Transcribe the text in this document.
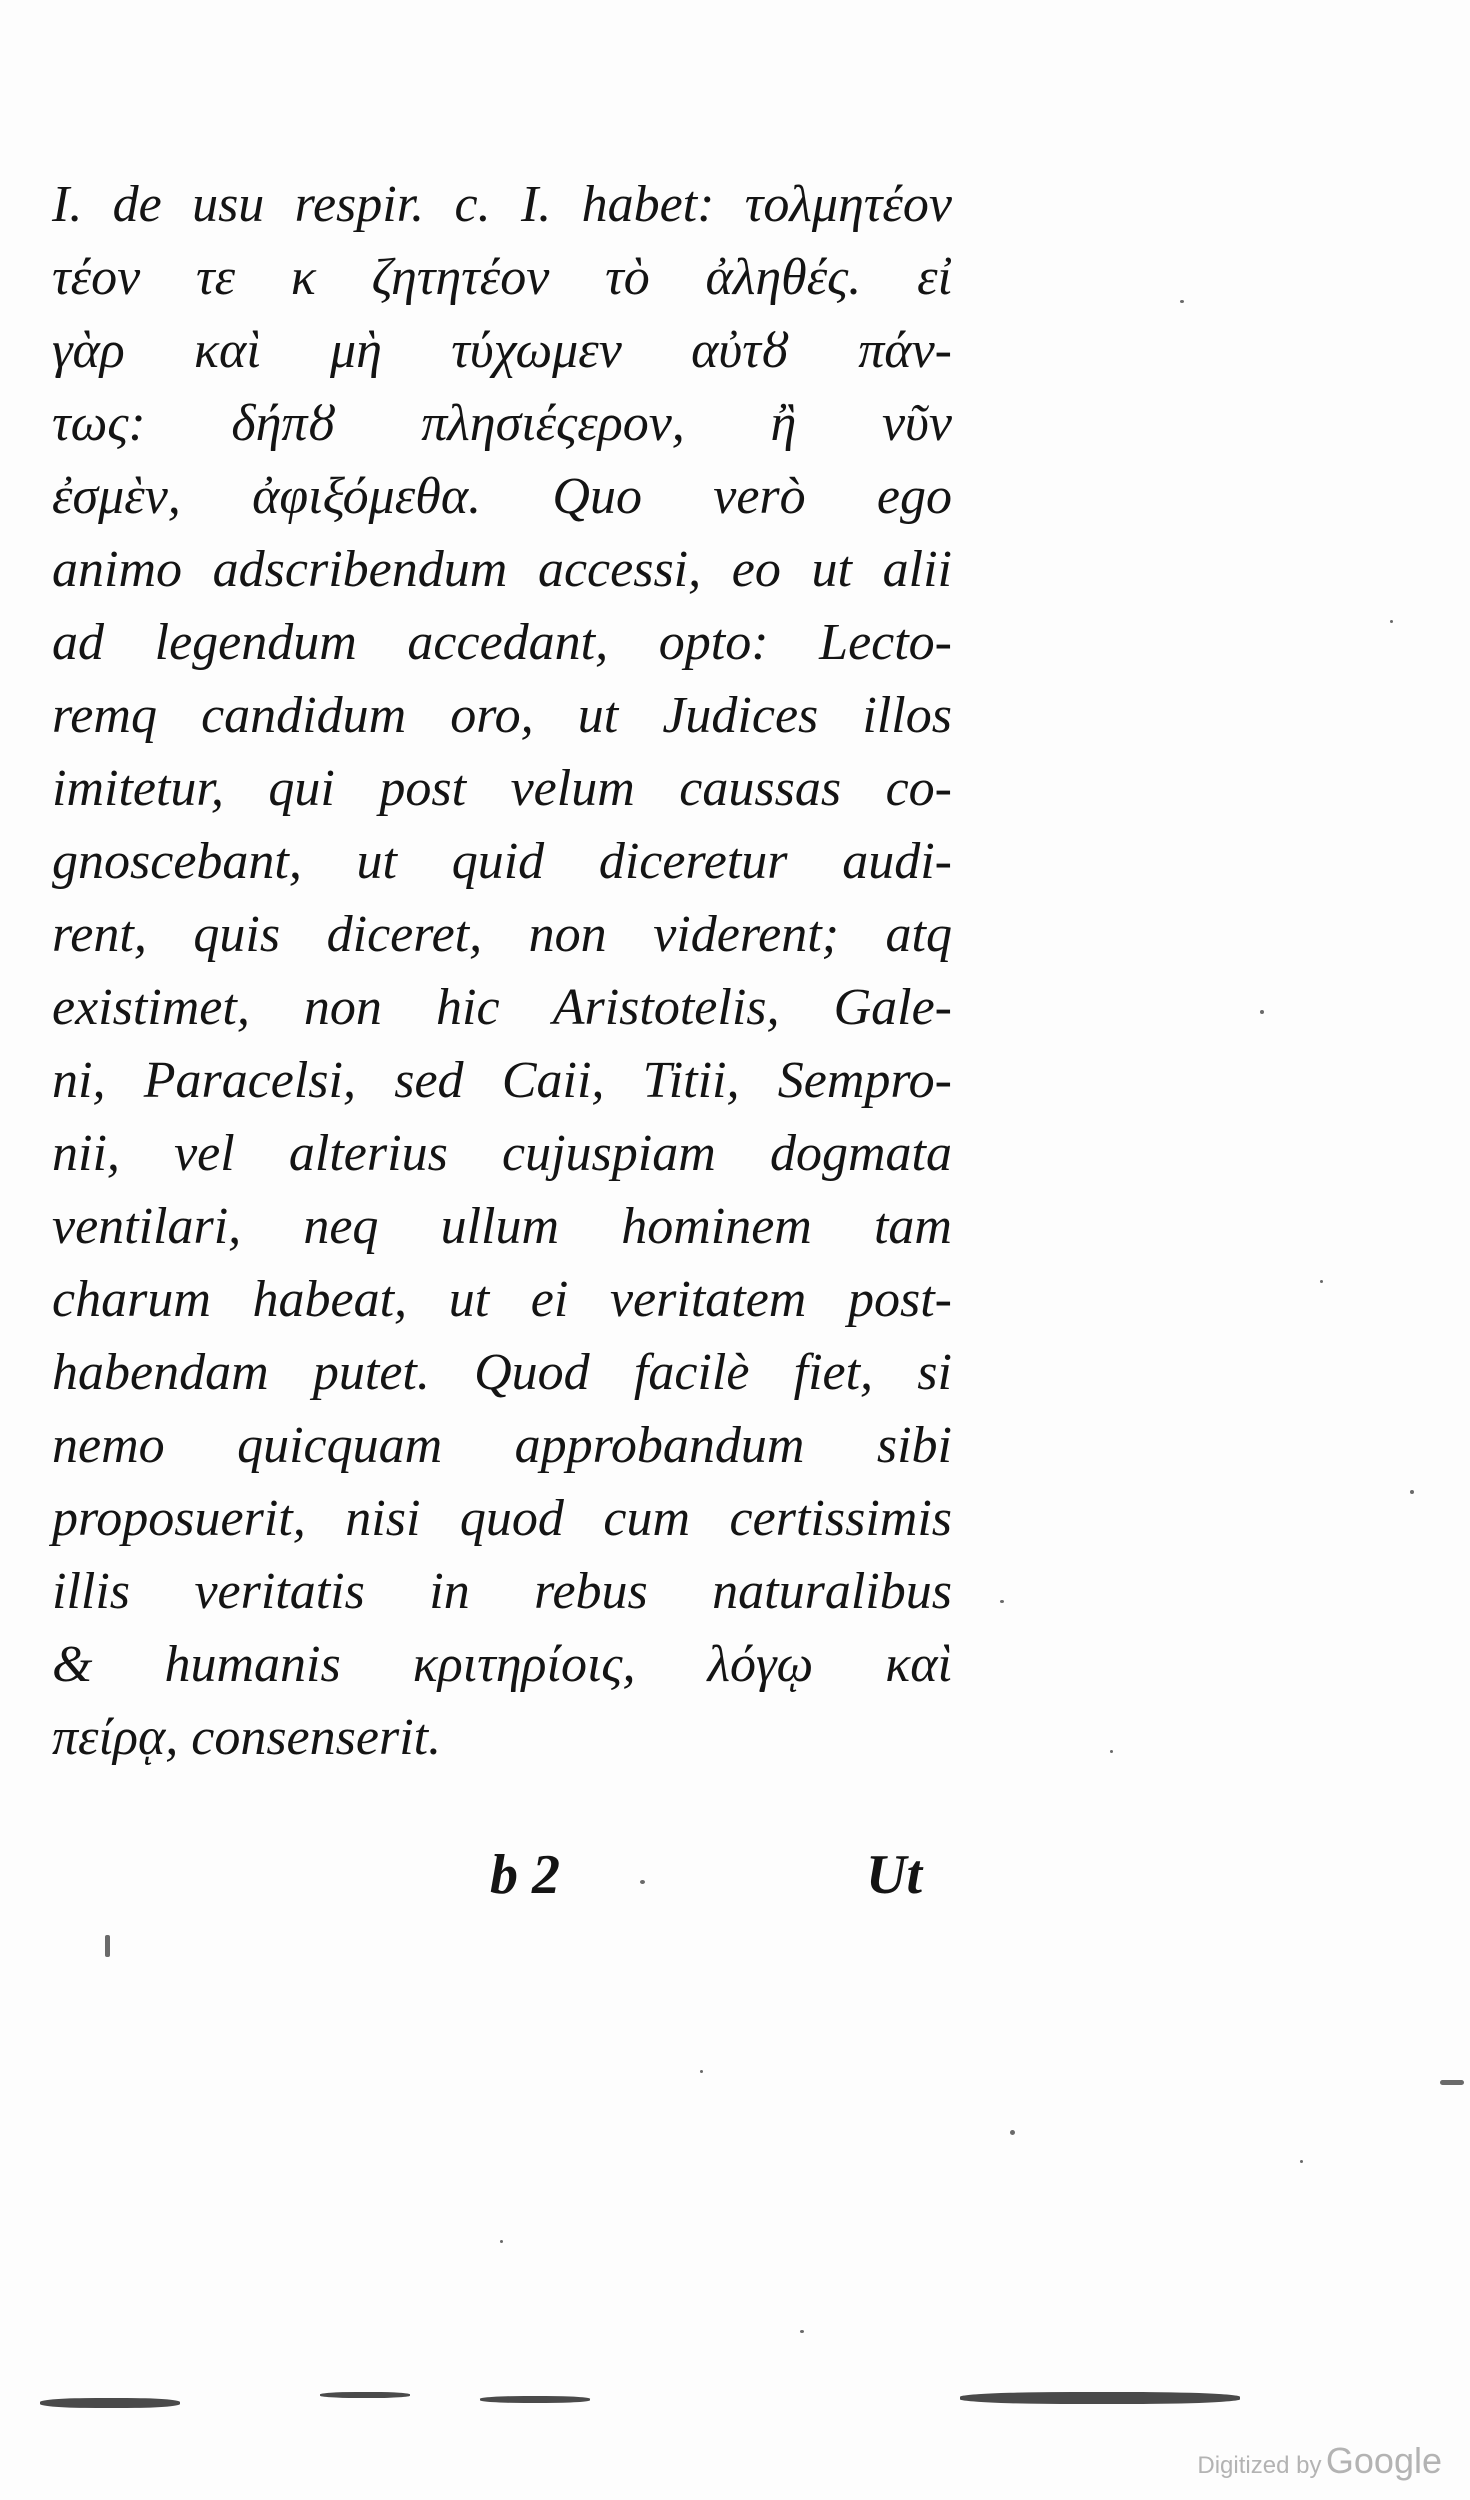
I. de usu respir. c. I. habet: τολμητέον
τέον τε κ ζητητέον τὸ ἀληθές. εἰ
γὰρ καὶ μὴ τύχωμεν αὐτȣ πάν-
τως: δήπȣ πλησιέςερον, ἢ νῦν
ἐσμὲν, ἀφιξόμεθα. Quo verò ego
animo adscribendum accessi, eo ut alii
ad legendum accedant, opto: Lecto-
remq candidum oro, ut Judices illos
imitetur, qui post velum caussas co-
gnoscebant, ut quid diceretur audi-
rent, quis diceret, non viderent; atq
existimet, non hic Aristotelis, Gale-
ni, Paracelsi, sed Caii, Titii, Sempro-
nii, vel alterius cujuspiam dogmata
ventilari, neq ullum hominem tam
charum habeat, ut ei veritatem post-
habendam putet. Quod facilè fiet, si
nemo quicquam approbandum sibi
proposuerit, nisi quod cum certissimis
illis veritatis in rebus naturalibus
& humanis κριτηρίοις, λόγῳ καὶ
πείρᾳ, consenserit.
b 2	Ut
Digitized by Google
